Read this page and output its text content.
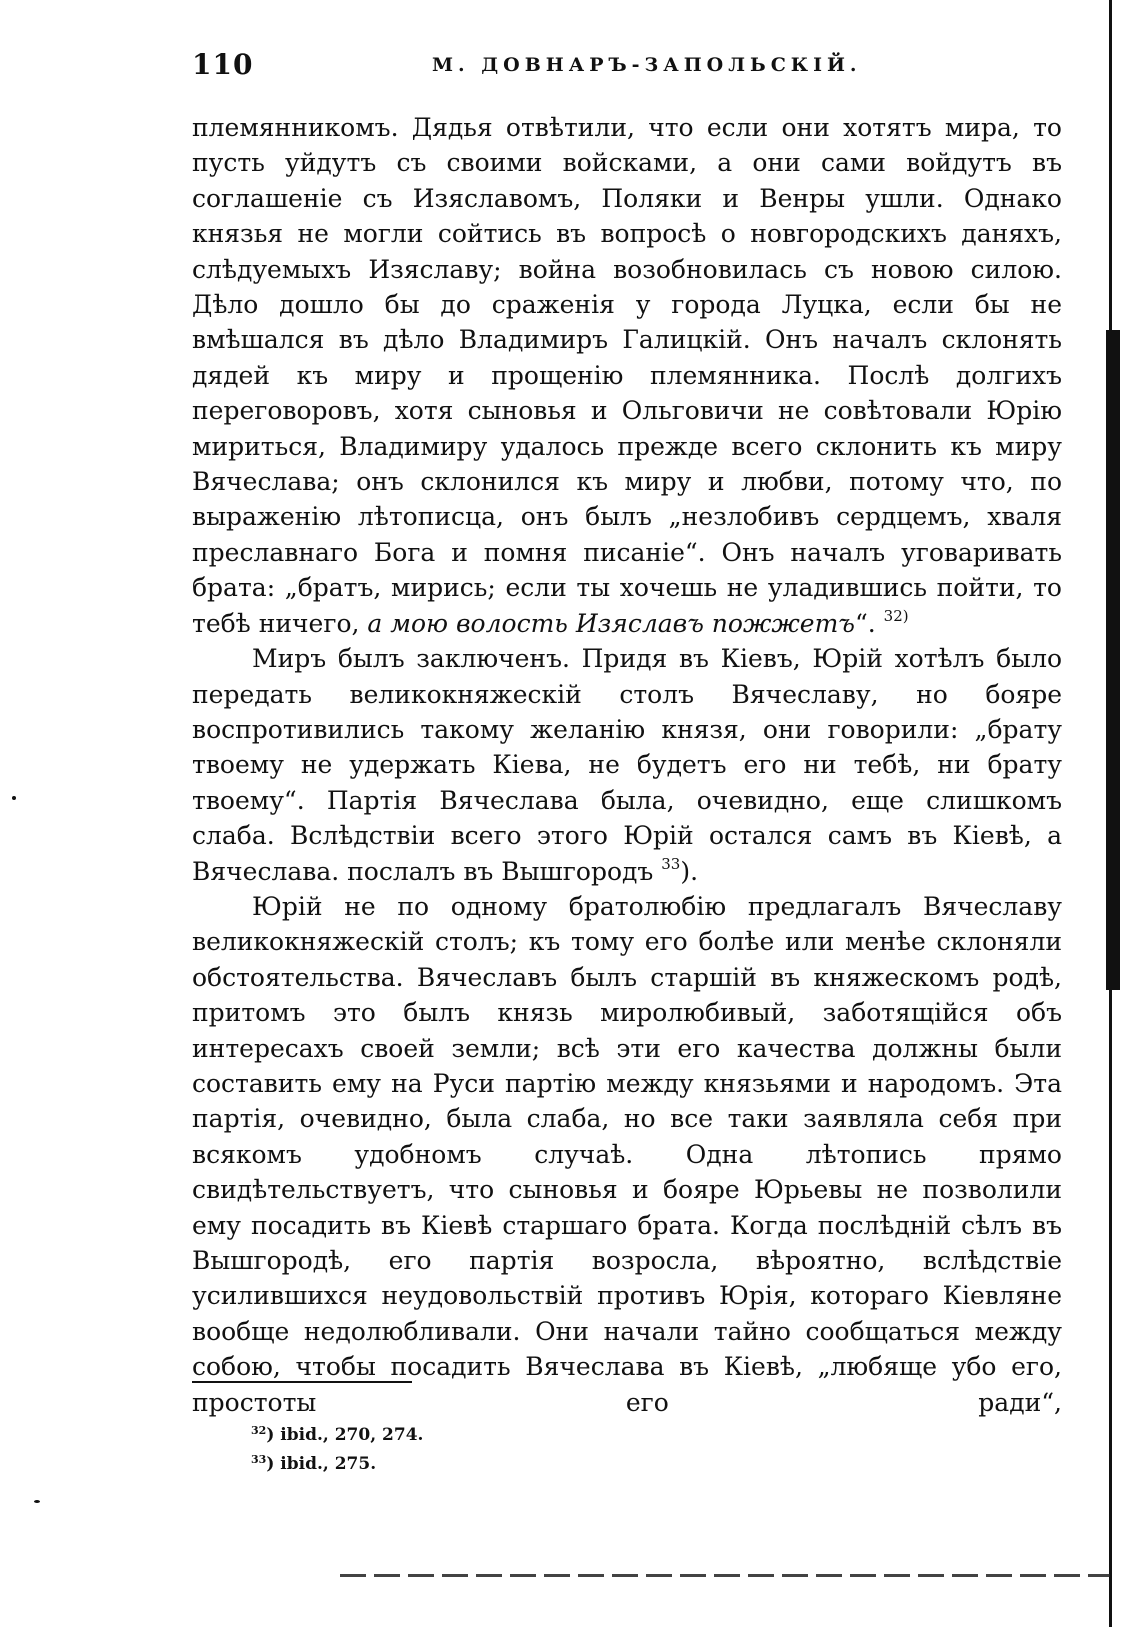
110	М. ДОВНАРЪ-ЗАПОЛЬСКІЙ.

племянникомъ. Дядья отвѣтили, что если они хотятъ мира, то пусть уйдутъ съ своими войсками, а они сами войдутъ въ соглашеніе съ Изяславомъ, Поляки и Венры ушли. Однако князья не могли сойтись въ вопросѣ о новгородскихъ даняхъ, слѣдуемыхъ Изяславу; война возобновилась съ новою силою. Дѣло дошло бы до сраженія у города Луцка, если бы не вмѣшался въ дѣло Владимиръ Галицкій. Онъ началъ склонять дядей къ миру и прощенію племянника. Послѣ долгихъ переговоровъ, хотя сыновья и Ольговичи не совѣтовали Юрію мириться, Владимиру удалось прежде всего склонить къ миру Вячеслава; онъ склонился къ миру и любви, потому что, по выраженію лѣтописца, онъ былъ „незлобивъ сердцемъ, хваля преславнаго Бога и помня писаніе“. Онъ началъ уговаривать брата: „братъ, мирись; если ты хочешь не уладившись пойти, то тебѣ ничего, а мою волость Изяславъ пожжетъ“. $^{32)}$

Миръ былъ заключенъ. Придя въ Кіевъ, Юрій хотѣлъ было передать великокняжескій столъ Вячеславу, но бояре воспротивились такому желанію князя, они говорили: „брату твоему не удержать Кіева, не будетъ его ни тебѣ, ни брату твоему“. Партія Вячеслава была, очевидно, еще слишкомъ слаба. Вслѣдствіи всего этого Юрій остался самъ въ Кіевѣ, а Вячеслава. послалъ въ Вышгородъ $^{33}$).

Юрій не по одному братолюбію предлагалъ Вячеславу великокняжескій столъ; къ тому его болѣе или менѣе склоняли обстоятельства. Вячеславъ былъ старшій въ княжескомъ родѣ, притомъ это былъ князь миролюбивый, заботящійся объ интересахъ своей земли; всѣ эти его качества должны были составить ему на Руси партію между князьями и народомъ. Эта партія, очевидно, была слаба, но все таки заявляла себя при всякомъ удобномъ случаѣ. Одна лѣтопись прямо свидѣтельствуетъ, что сыновья и бояре Юрьевы не позволили ему посадить въ Кіевѣ старшаго брата. Когда послѣдній сѣлъ въ Вышгородѣ, его партія возросла, вѣроятно, вслѣдствіе усилившихся неудовольствій противъ Юрія, котораго Кіевляне вообще недолюбливали. Они начали тайно сообщаться между собою, чтобы посадить Вячеслава въ Кіевѣ, „любяще убо его, простоты его ради“,

$^{32}$) ibid., 270, 274.
$^{33}$) ibid., 275.
